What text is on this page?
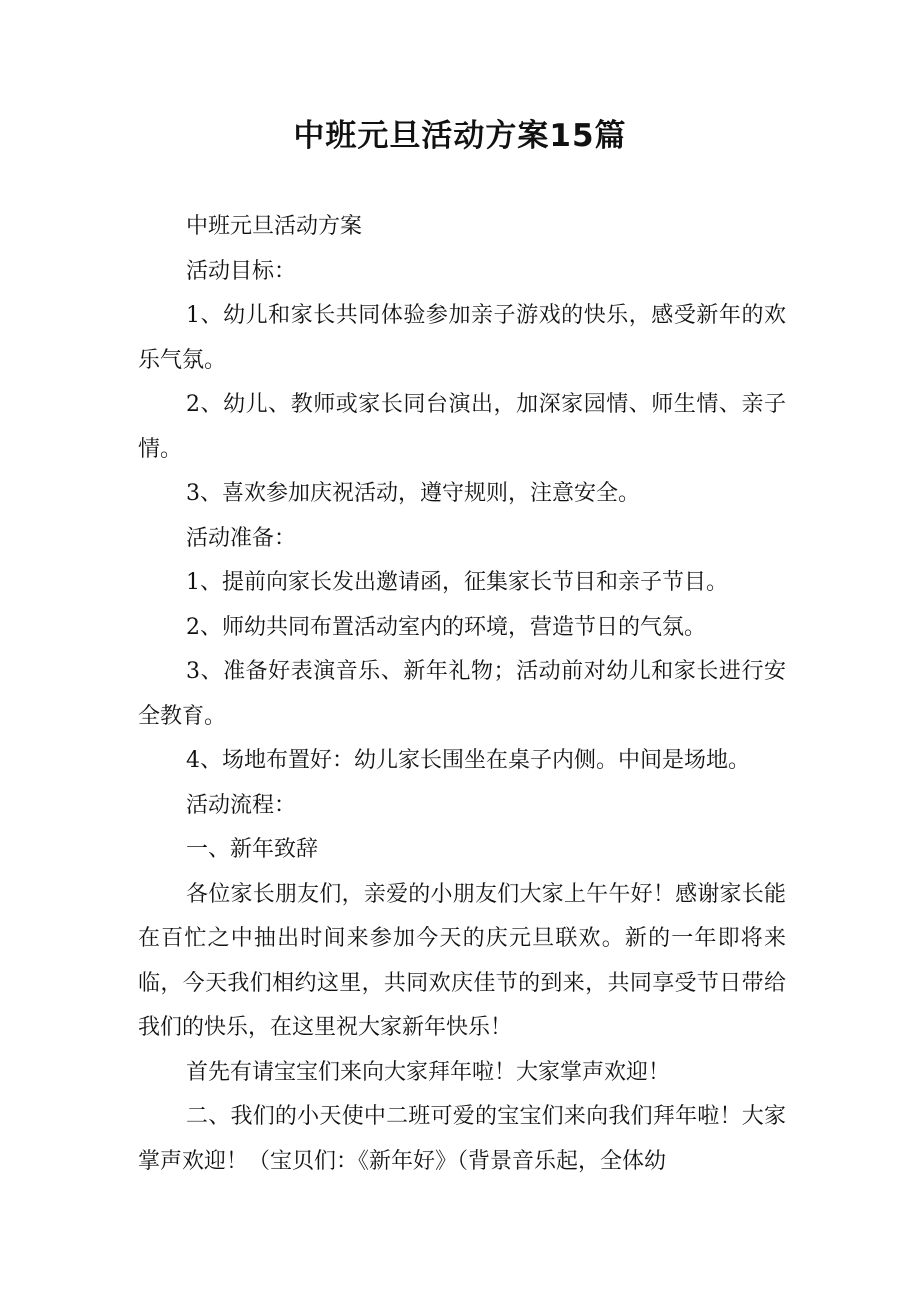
中班元旦活动方案15篇

中班元旦活动方案

活动目标：

1、幼儿和家长共同体验参加亲子游戏的快乐，感受新年的欢乐气氛。

2、幼儿、教师或家长同台演出，加深家园情、师生情、亲子情。

3、喜欢参加庆祝活动，遵守规则，注意安全。

活动准备：

1、提前向家长发出邀请函，征集家长节目和亲子节目。

2、师幼共同布置活动室内的环境，营造节日的气氛。

3、准备好表演音乐、新年礼物；活动前对幼儿和家长进行安全教育。

4、场地布置好：幼儿家长围坐在桌子内侧。中间是场地。

活动流程：

一、新年致辞

各位家长朋友们，亲爱的小朋友们大家上午午好！感谢家长能在百忙之中抽出时间来参加今天的庆元旦联欢。新的一年即将来临，今天我们相约这里，共同欢庆佳节的到来，共同享受节日带给我们的快乐，在这里祝大家新年快乐！

首先有请宝宝们来向大家拜年啦！大家掌声欢迎！

二、我们的小天使中二班可爱的宝宝们来向我们拜年啦！大家掌声欢迎！（宝贝们：《新年好》（背景音乐起，全体幼
